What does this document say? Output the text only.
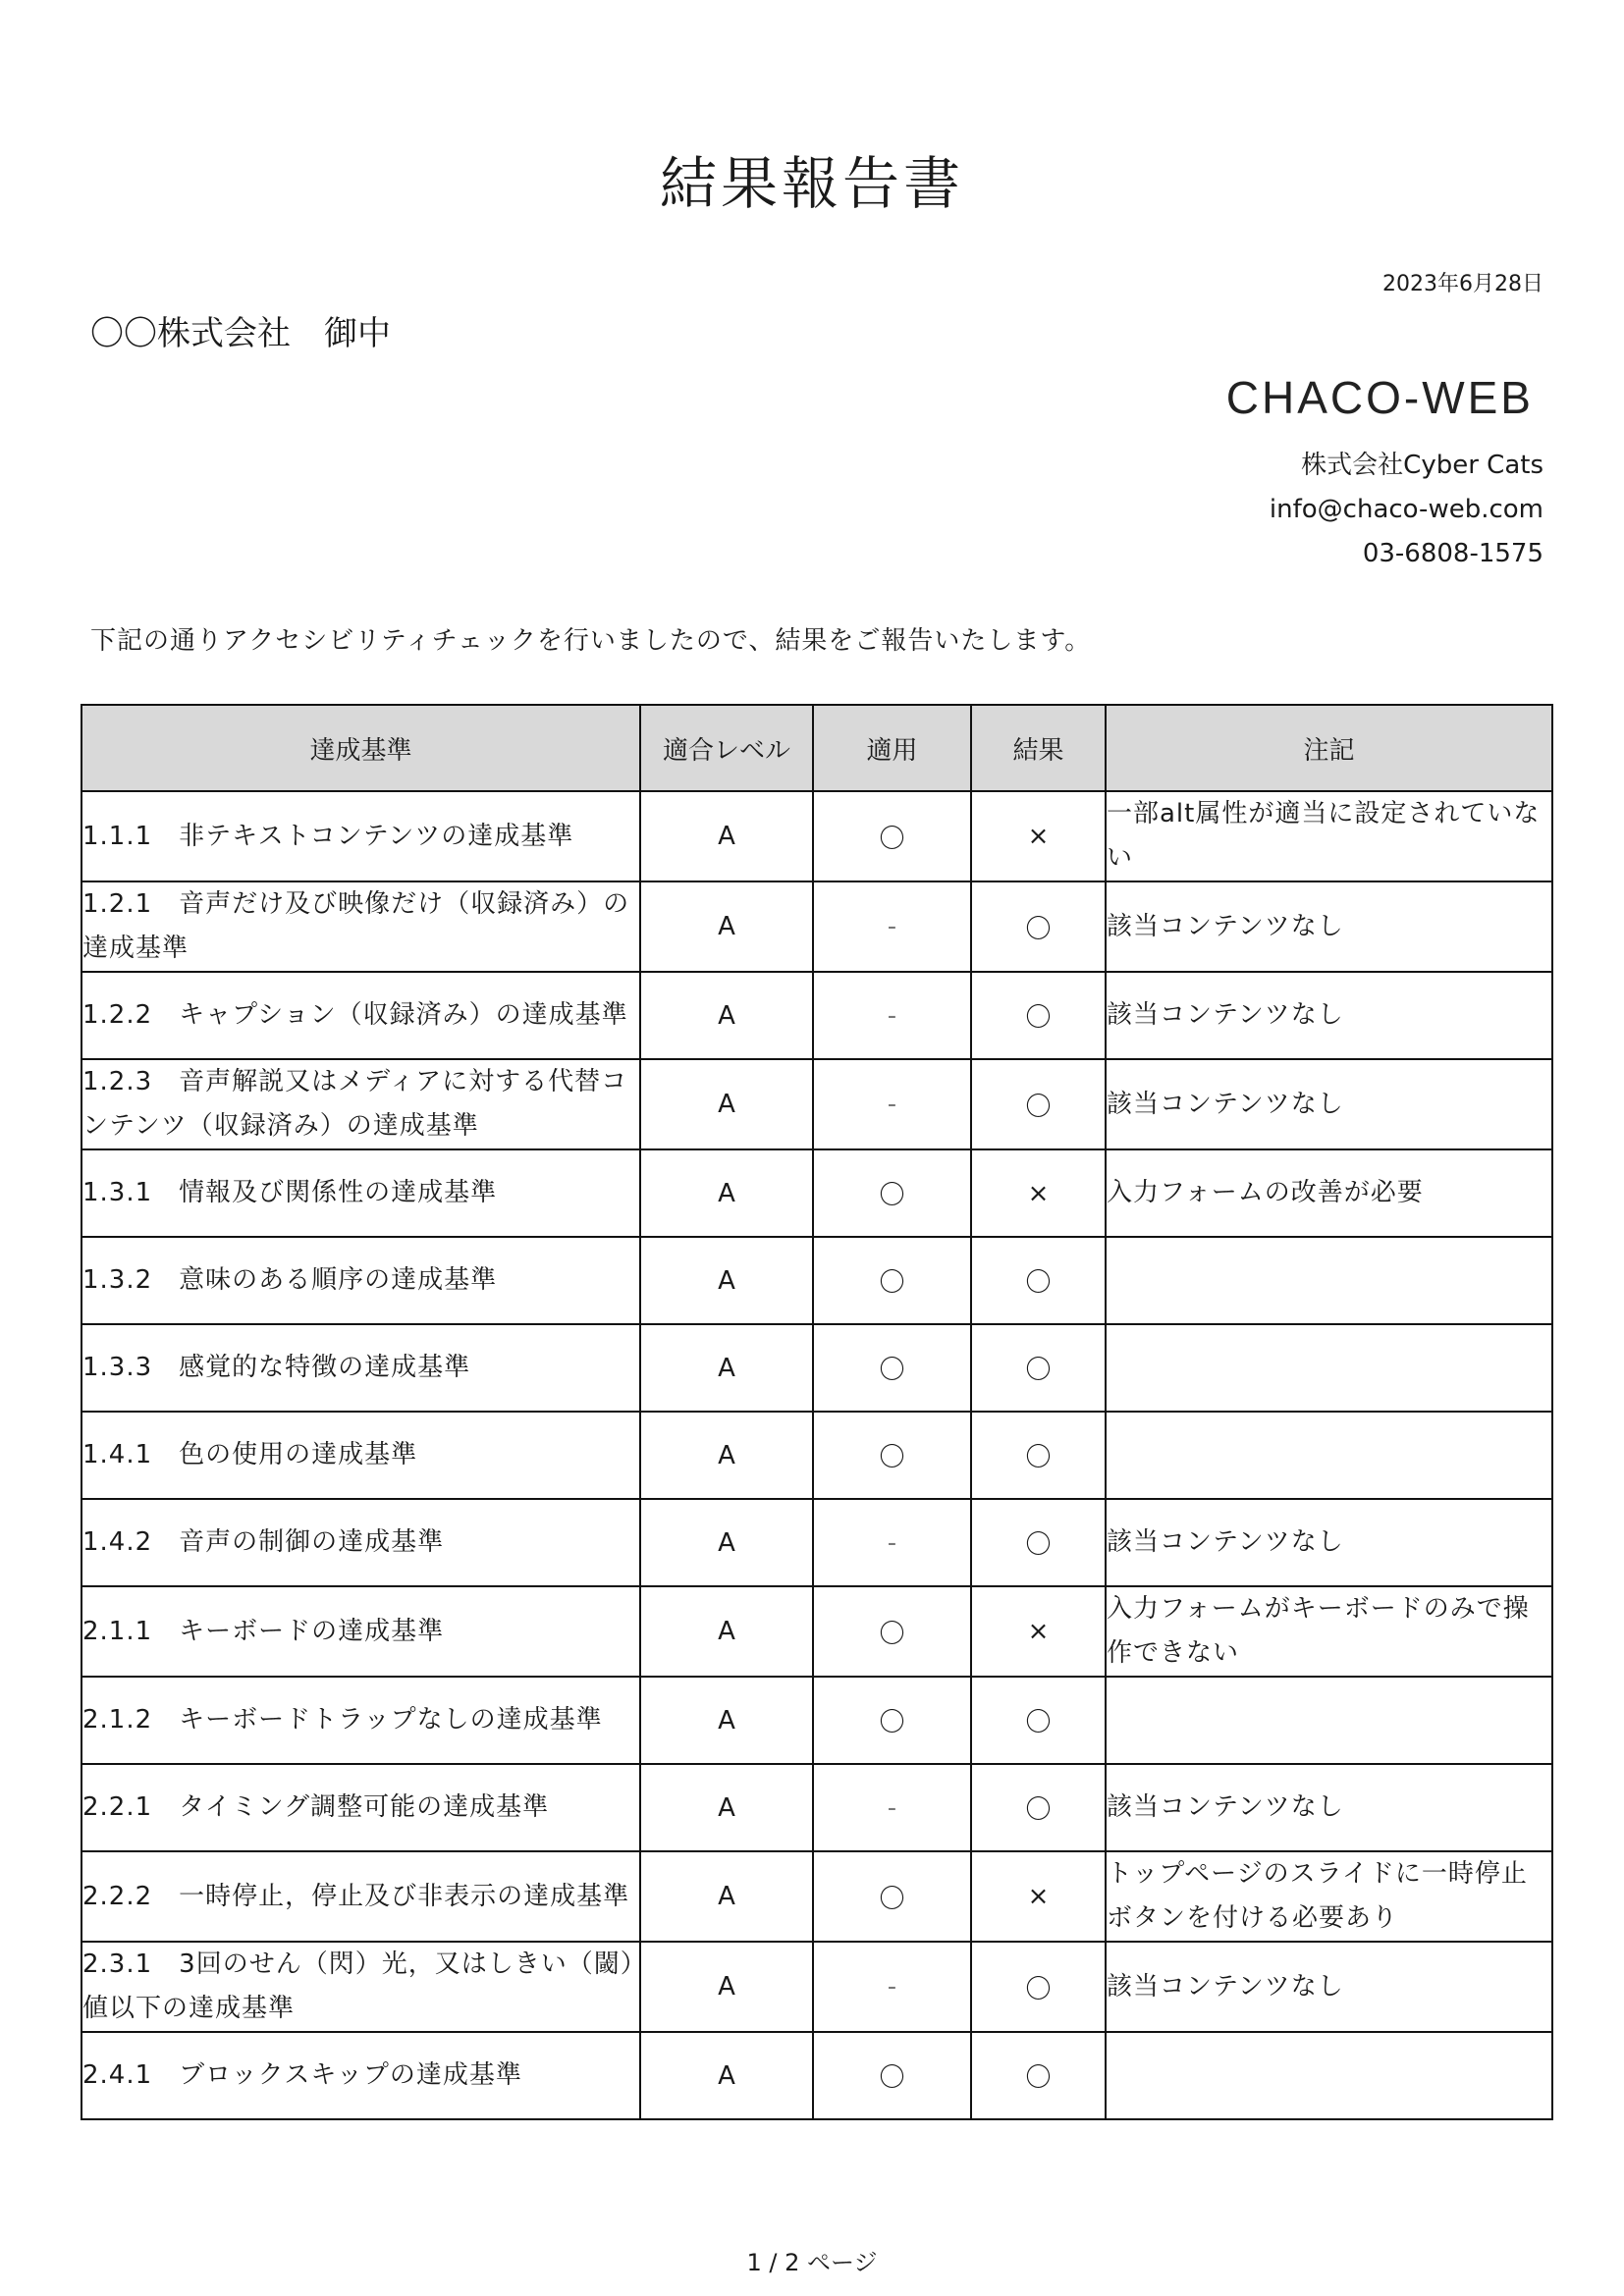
結果報告書
2023年6月28日
〇〇株式会社　御中
CHACO-WEB
株式会社Cyber Cats
info@chaco-web.com
03-6808-1575
下記の通りアクセシビリティチェックを行いましたので、結果をご報告いたします。
達成基準	適合レベル	適用	結果	注記
1.1.1　非テキストコンテンツの達成基準	A	〇	×	一部alt属性が適当に設定されていない
1.2.1　音声だけ及び映像だけ（収録済み）の達成基準	A	-	〇	該当コンテンツなし
1.2.2　キャプション（収録済み）の達成基準	A	-	〇	該当コンテンツなし
1.2.3　音声解説又はメディアに対する代替コンテンツ（収録済み）の達成基準	A	-	〇	該当コンテンツなし
1.3.1　情報及び関係性の達成基準	A	〇	×	入力フォームの改善が必要
1.3.2　意味のある順序の達成基準	A	〇	〇	
1.3.3　感覚的な特徴の達成基準	A	〇	〇	
1.4.1　色の使用の達成基準	A	〇	〇	
1.4.2　音声の制御の達成基準	A	-	〇	該当コンテンツなし
2.1.1　キーボードの達成基準	A	〇	×	入力フォームがキーボードのみで操作できない
2.1.2　キーボードトラップなしの達成基準	A	〇	〇	
2.2.1　タイミング調整可能の達成基準	A	-	〇	該当コンテンツなし
2.2.2　一時停止，停止及び非表示の達成基準	A	〇	×	トップページのスライドに一時停止ボタンを付ける必要あり
2.3.1　3回のせん（閃）光，又はしきい（閾）値以下の達成基準	A	-	〇	該当コンテンツなし
2.4.1　ブロックスキップの達成基準	A	〇	〇	
1 / 2 ページ
